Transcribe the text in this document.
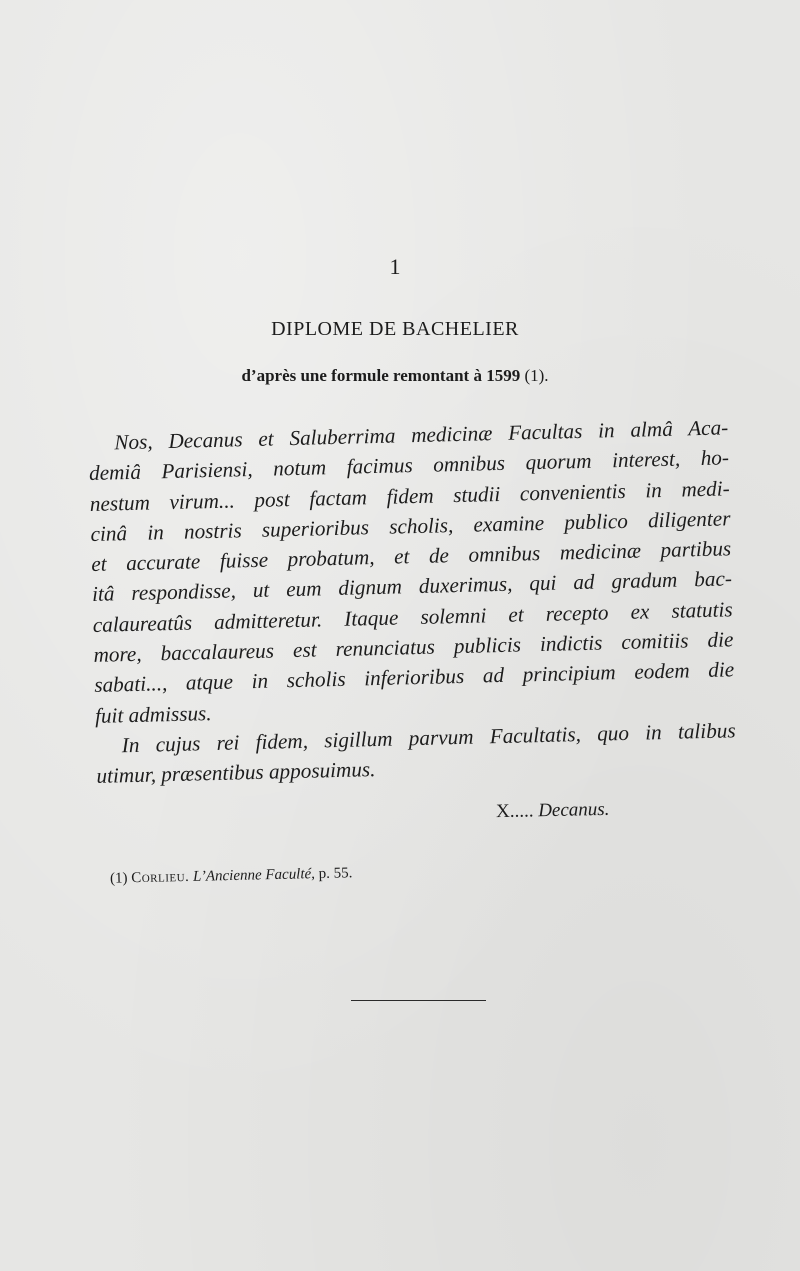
1
DIPLOME DE BACHELIER
d’après une formule remontant à 1599 (1).
Nos, Decanus et Saluberrima medicinæ Facultas in almâ Aca-
demiâ Parisiensi, notum facimus omnibus quorum interest, ho-
nestum virum... post factam fidem studii convenientis in medi-
cinâ in nostris superioribus scholis, examine publico diligenter
et accurate fuisse probatum, et de omnibus medicinæ partibus
itâ respondisse, ut eum dignum duxerimus, qui ad gradum bac-
calaureatûs admitteretur. Itaque solemni et recepto ex statutis
more, baccalaureus est renunciatus publicis indictis comitiis die
sabati..., atque in scholis inferioribus ad principium eodem die
fuit admissus.
In cujus rei fidem, sigillum parvum Facultatis, quo in talibus
utimur, præsentibus apposuimus.
X..... Decanus.
(1) Corlieu. L’Ancienne Faculté, p. 55.
